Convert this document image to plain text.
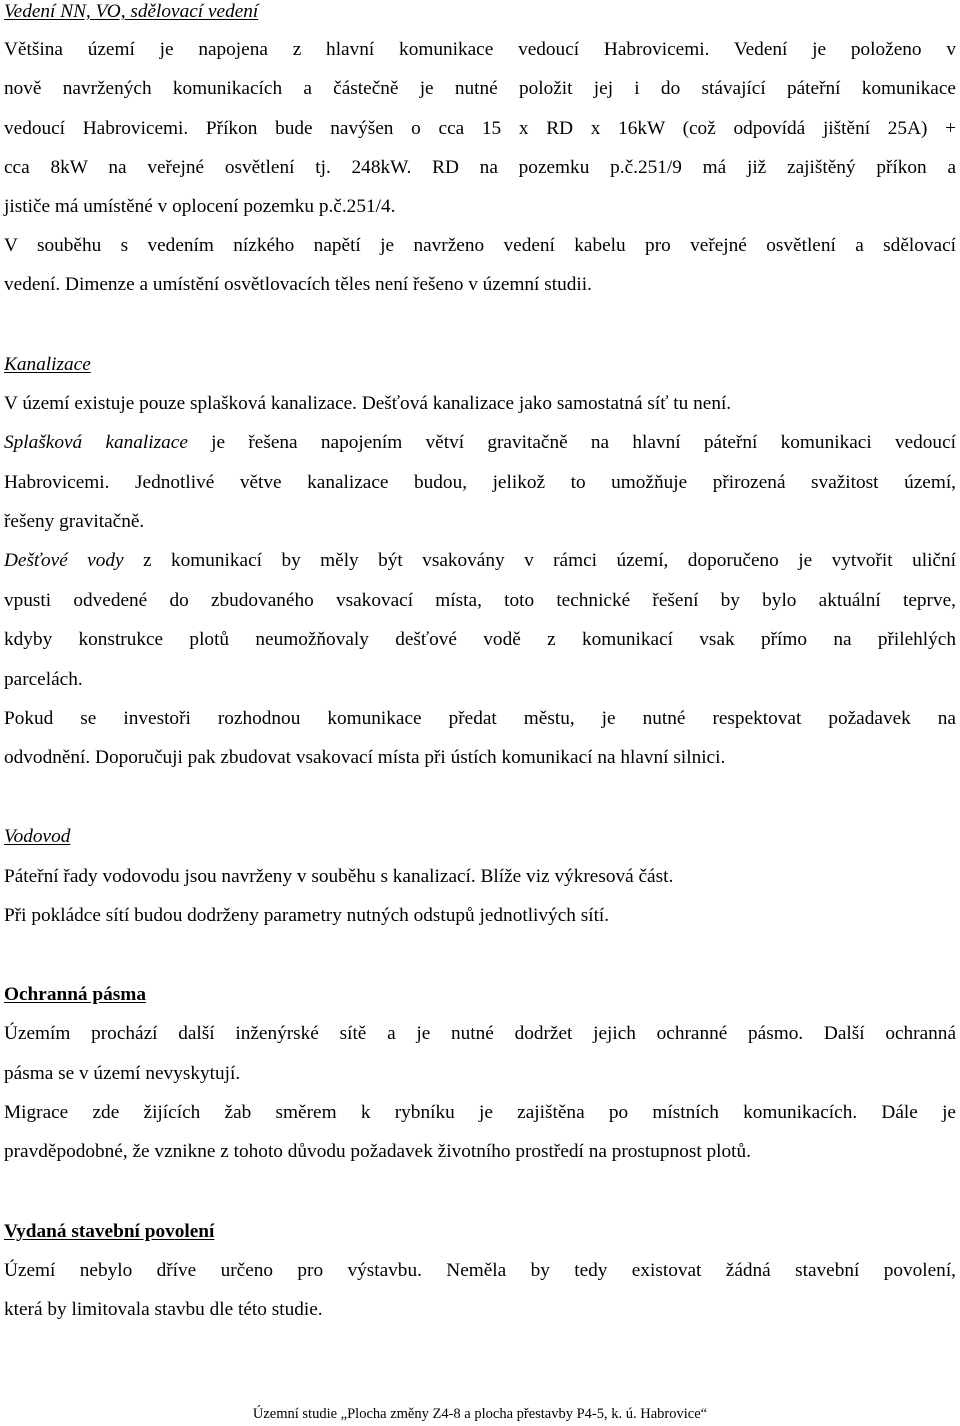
Vedení NN, VO, sdělovací vedení
Většina území je napojena z hlavní komunikace vedoucí Habrovicemi. Vedení je položeno v
nově navržených komunikacích a částečně je nutné položit jej i do stávající páteřní komunikace
vedoucí Habrovicemi. Příkon bude navýšen o cca 15 x RD x 16kW (což odpovídá jištění 25A) +
cca 8kW na veřejné osvětlení tj. 248kW. RD na pozemku p.č.251/9 má již zajištěný příkon a
jističe má umístěné v oplocení pozemku p.č.251/4.
V souběhu s vedením nízkého napětí je navrženo vedení kabelu pro veřejné osvětlení a sdělovací
vedení. Dimenze a umístění osvětlovacích těles není řešeno v územní studii.
Kanalizace
V území existuje pouze splašková kanalizace. Dešťová kanalizace jako samostatná síť tu není.
Splašková kanalizace je řešena napojením větví gravitačně na hlavní páteřní komunikaci vedoucí
Habrovicemi. Jednotlivé větve kanalizace budou, jelikož to umožňuje přirozená svažitost území,
řešeny gravitačně.
Dešťové vody z komunikací by měly být vsakovány v rámci území, doporučeno je vytvořit uliční
vpusti odvedené do zbudovaného vsakovací místa, toto technické řešení by bylo aktuální teprve,
kdyby konstrukce plotů neumožňovaly dešťové vodě z komunikací vsak přímo na přilehlých
parcelách.
Pokud se investoři rozhodnou komunikace předat městu, je nutné respektovat požadavek na
odvodnění. Doporučuji pak zbudovat vsakovací místa při ústích komunikací na hlavní silnici.
Vodovod
Páteřní řady vodovodu jsou navrženy v souběhu s kanalizací. Blíže viz výkresová část.
Při pokládce sítí budou dodrženy parametry nutných odstupů jednotlivých sítí.
Ochranná pásma
Územím prochází další inženýrské sítě a je nutné dodržet jejich ochranné pásmo. Další ochranná
pásma se v území nevyskytují.
Migrace zde žijících žab směrem k rybníku je zajištěna po místních komunikacích. Dále je
pravděpodobné, že vznikne z tohoto důvodu požadavek životního prostředí na prostupnost plotů.
Vydaná stavební povolení
Území nebylo dříve určeno pro výstavbu. Neměla by tedy existovat žádná stavební povolení,
která by limitovala stavbu dle této studie.
Územní studie „Plocha změny Z4-8 a plocha přestavby P4-5, k. ú. Habrovice“
